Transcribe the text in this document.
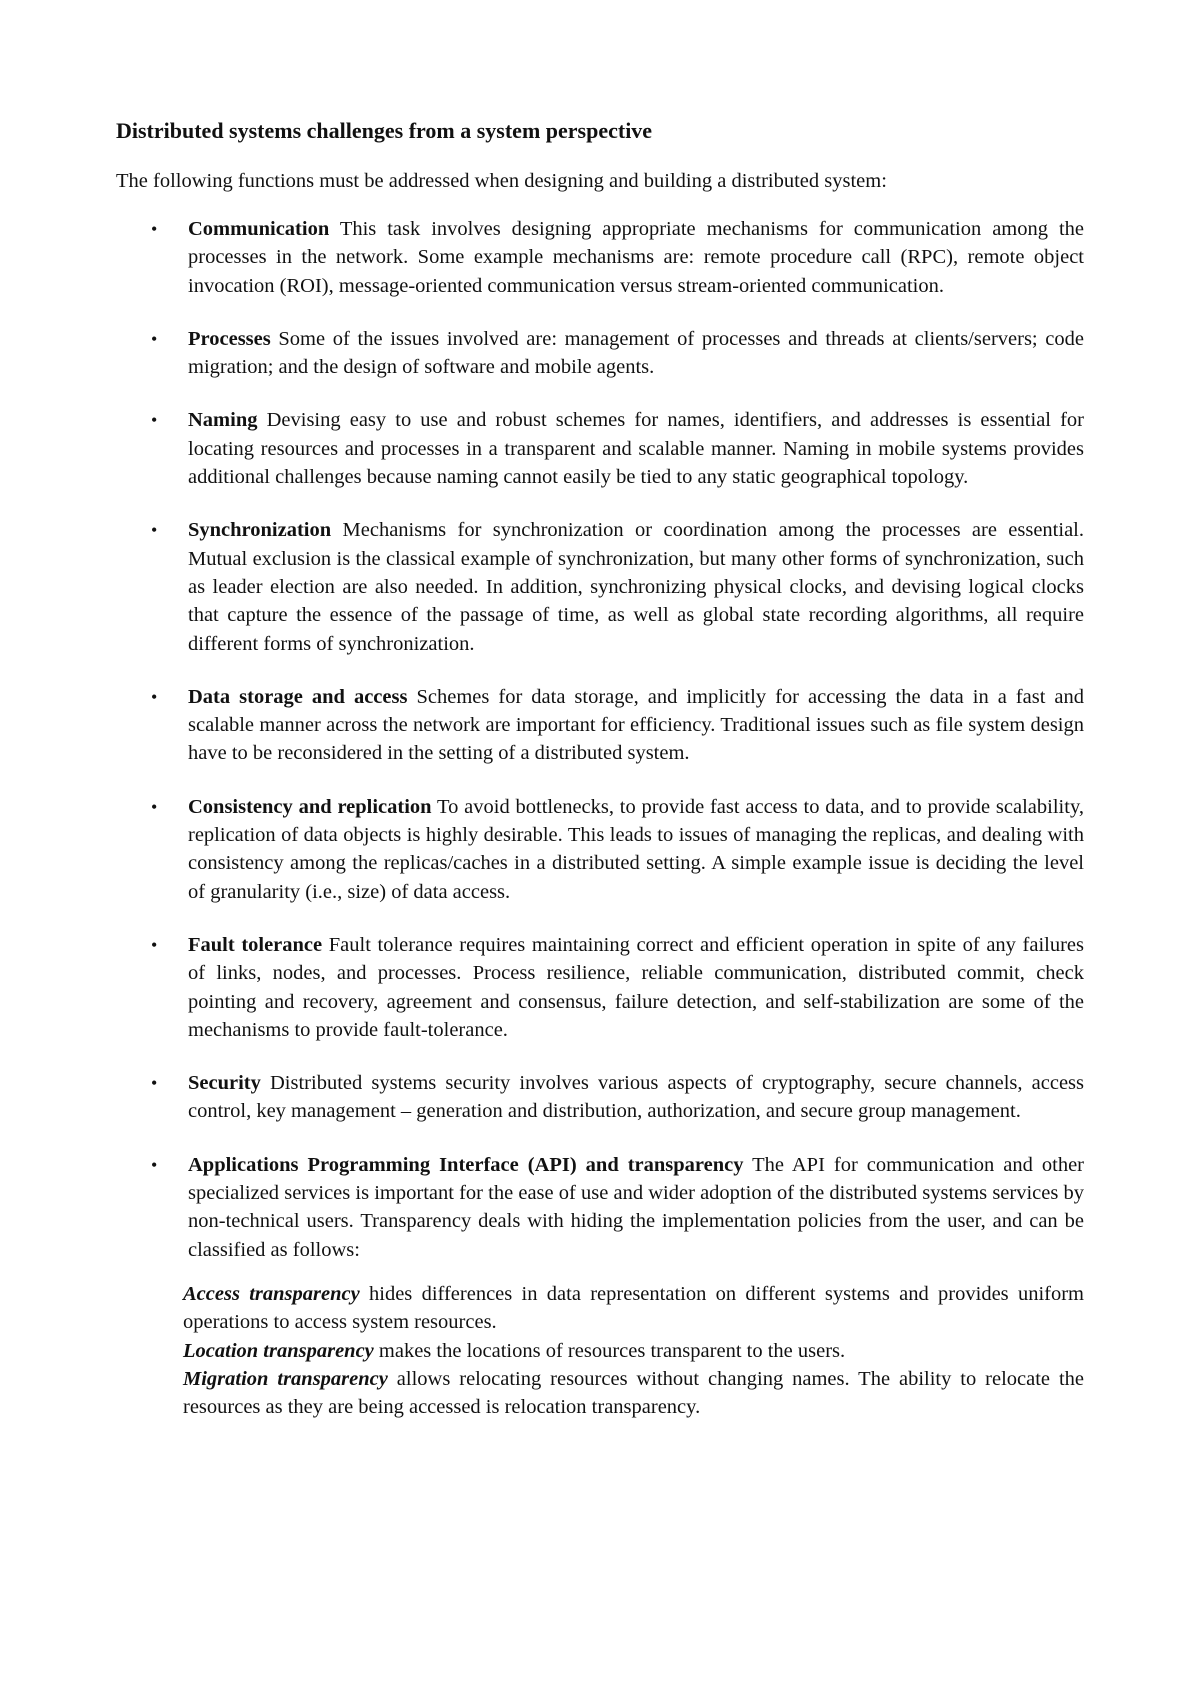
Distributed systems challenges from a system perspective
The following functions must be addressed when designing and building a distributed system:
• Communication This task involves designing appropriate mechanisms for communication among the processes in the network. Some example mechanisms are: remote procedure call (RPC), remote object invocation (ROI), message-oriented communication versus stream-oriented communication.
• Processes Some of the issues involved are: management of processes and threads at clients/servers; code migration; and the design of software and mobile agents.
• Naming Devising easy to use and robust schemes for names, identifiers, and addresses is essential for locating resources and processes in a transparent and scalable manner. Naming in mobile systems provides additional challenges because naming cannot easily be tied to any static geographical topology.
• Synchronization Mechanisms for synchronization or coordination among the processes are essential. Mutual exclusion is the classical example of synchronization, but many other forms of synchronization, such as leader election are also needed. In addition, synchronizing physical clocks, and devising logical clocks that capture the essence of the passage of time, as well as global state recording algorithms, all require different forms of synchronization.
• Data storage and access Schemes for data storage, and implicitly for accessing the data in a fast and scalable manner across the network are important for efficiency. Traditional issues such as file system design have to be reconsidered in the setting of a distributed system.
• Consistency and replication To avoid bottlenecks, to provide fast access to data, and to provide scalability, replication of data objects is highly desirable. This leads to issues of managing the replicas, and dealing with consistency among the replicas/caches in a distributed setting. A simple example issue is deciding the level of granularity (i.e., size) of data access.
• Fault tolerance Fault tolerance requires maintaining correct and efficient operation in spite of any failures of links, nodes, and processes. Process resilience, reliable communication, distributed commit, check pointing and recovery, agreement and consensus, failure detection, and self-stabilization are some of the mechanisms to provide fault-tolerance.
• Security Distributed systems security involves various aspects of cryptography, secure channels, access control, key management – generation and distribution, authorization, and secure group management.
• Applications Programming Interface (API) and transparency The API for communication and other specialized services is important for the ease of use and wider adoption of the distributed systems services by non-technical users. Transparency deals with hiding the implementation policies from the user, and can be classified as follows:
Access transparency hides differences in data representation on different systems and provides uniform operations to access system resources.
Location transparency makes the locations of resources transparent to the users.
Migration transparency allows relocating resources without changing names. The ability to relocate the resources as they are being accessed is relocation transparency.
